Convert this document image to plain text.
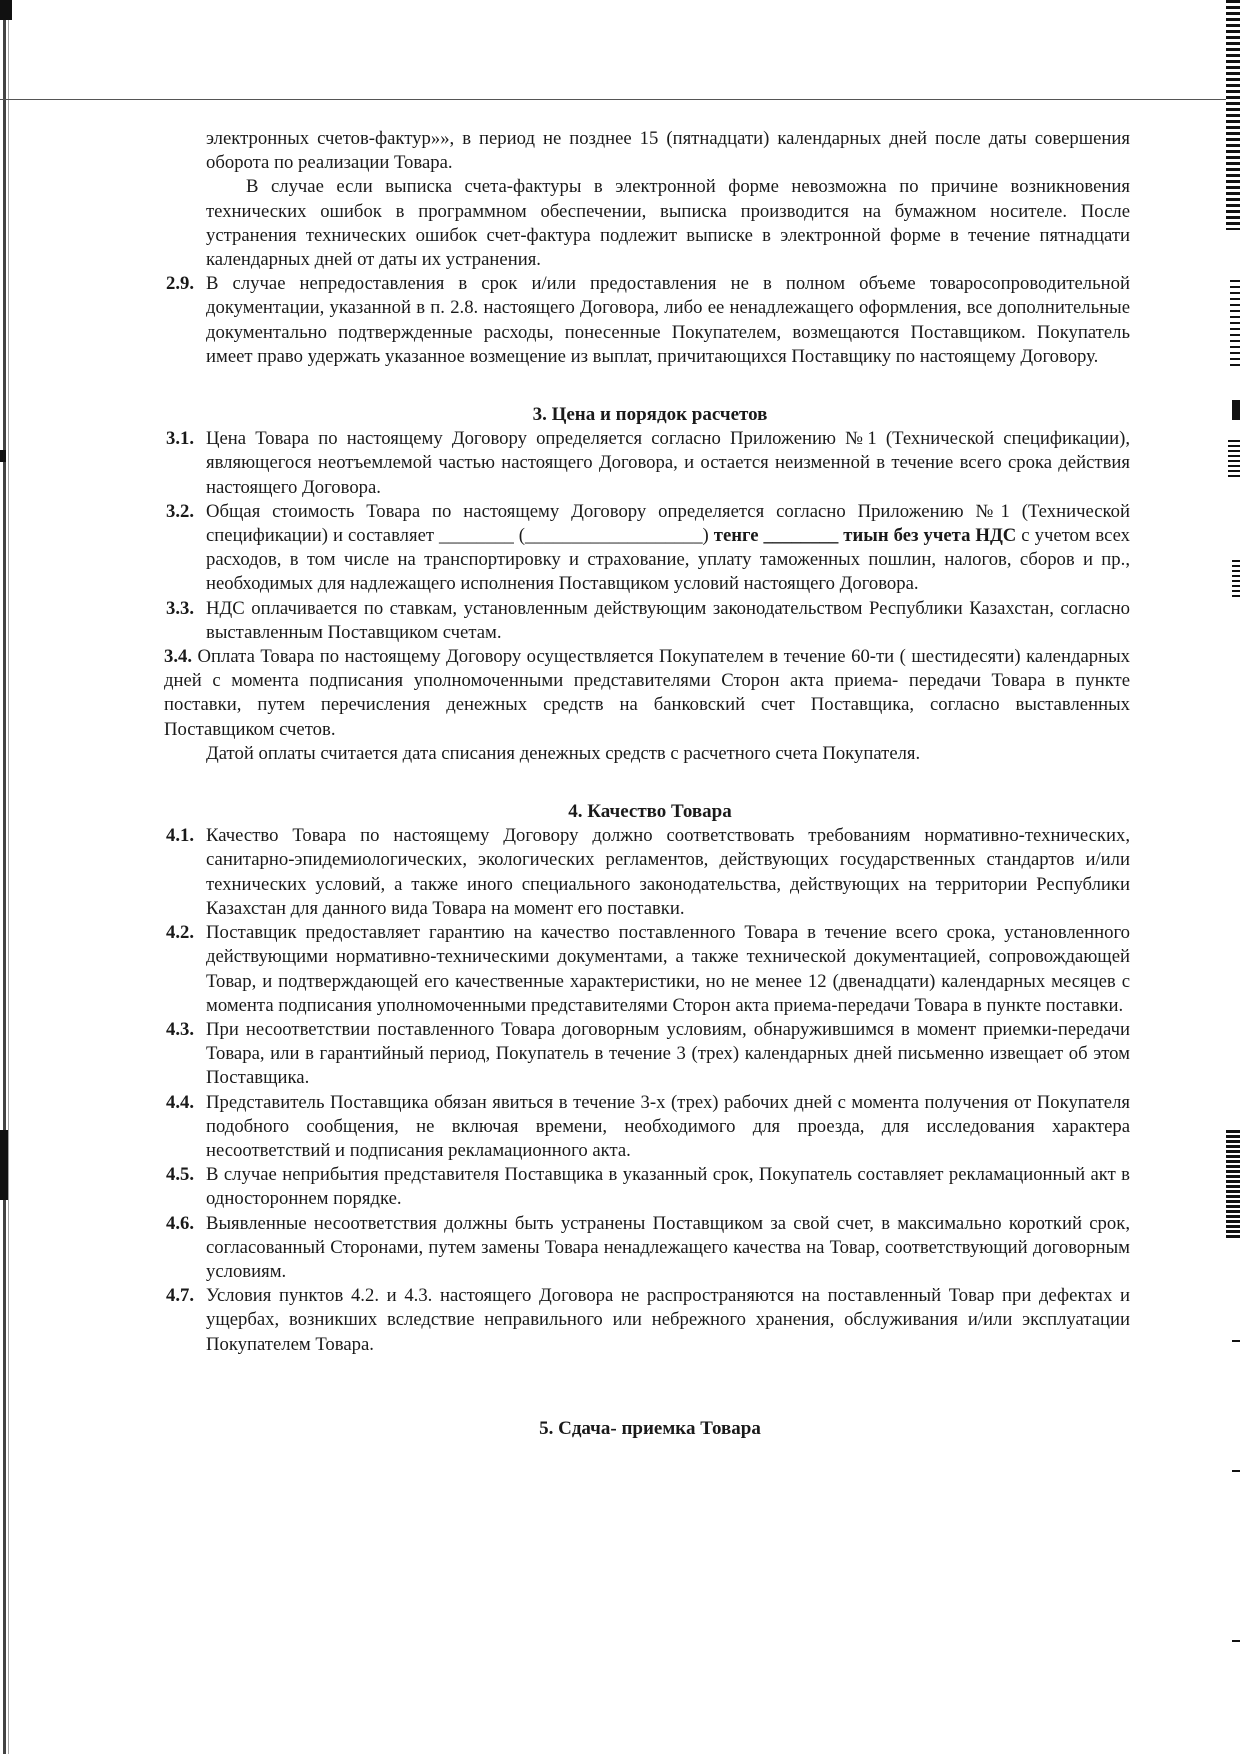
электронных счетов-фактур»», в период не позднее 15 (пятнадцати) календарных дней после даты совершения оборота по реализации Товара.

В случае если выписка счета-фактуры в электронной форме невозможна по причине возникновения технических ошибок в программном обеспечении, выписка производится на бумажном носителе. После устранения технических ошибок счет-фактура подлежит выписке в электронной форме в течение пятнадцати календарных дней от даты их устранения.

2.9. В случае непредоставления в срок и/или предоставления не в полном объеме товаросопроводительной документации, указанной в п. 2.8. настоящего Договора, либо ее ненадлежащего оформления, все дополнительные документально подтвержденные расходы, понесенные Покупателем, возмещаются Поставщиком. Покупатель имеет право удержать указанное возмещение из выплат, причитающихся Поставщику по настоящему Договору.

3. Цена и порядок расчетов
3.1. Цена Товара по настоящему Договору определяется согласно Приложению №1 (Технической спецификации), являющегося неотъемлемой частью настоящего Договора, и остается неизменной в течение всего срока действия настоящего Договора.

3.2. Общая стоимость Товара по настоящему Договору определяется согласно Приложению №1 (Технической спецификации) и составляет ________ (___________________) тенге ________ тиын без учета НДС с учетом всех расходов, в том числе на транспортировку и страхование, уплату таможенных пошлин, налогов, сборов и пр., необходимых для надлежащего исполнения Поставщиком условий настоящего Договора.

3.3. НДС оплачивается по ставкам, установленным действующим законодательством Республики Казахстан, согласно выставленным Поставщиком счетам.

3.4. Оплата Товара по настоящему Договору осуществляется Покупателем в течение 60-ти ( шестидесяти) календарных дней с момента подписания уполномоченными представителями Сторон акта приема- передачи Товара в пункте поставки, путем перечисления денежных средств на банковский счет Поставщика, согласно выставленных Поставщиком счетов.

Датой оплаты считается дата списания денежных средств с расчетного счета Покупателя.

4. Качество Товара
4.1. Качество Товара по настоящему Договору должно соответствовать требованиям нормативно-технических, санитарно-эпидемиологических, экологических регламентов, действующих государственных стандартов и/или технических условий, а также иного специального законодательства, действующих на территории Республики Казахстан для данного вида Товара на момент его поставки.

4.2. Поставщик предоставляет гарантию на качество поставленного Товара в течение всего срока, установленного действующими нормативно-техническими документами, а также технической документацией, сопровождающей Товар, и подтверждающей его качественные характеристики, но не менее 12 (двенадцати) календарных месяцев с момента подписания уполномоченными представителями Сторон акта приема-передачи Товара в пункте поставки.

4.3. При несоответствии поставленного Товара договорным условиям, обнаружившимся в момент приемки-передачи Товара, или в гарантийный период, Покупатель в течение 3 (трех) календарных дней письменно извещает об этом Поставщика.

4.4. Представитель Поставщика обязан явиться в течение 3-х (трех) рабочих дней с момента получения от Покупателя подобного сообщения, не включая времени, необходимого для проезда, для исследования характера несоответствий и подписания рекламационного акта.

4.5. В случае неприбытия представителя Поставщика в указанный срок, Покупатель составляет рекламационный акт в одностороннем порядке.

4.6. Выявленные несоответствия должны быть устранены Поставщиком за свой счет, в максимально короткий срок, согласованный Сторонами, путем замены Товара ненадлежащего качества на Товар, соответствующий договорным условиям.

4.7. Условия пунктов 4.2. и 4.3. настоящего Договора не распространяются на поставленный Товар при дефектах и ущербах, возникших вследствие неправильного или небрежного хранения, обслуживания и/или эксплуатации Покупателем Товара.

5. Сдача- приемка Товара
